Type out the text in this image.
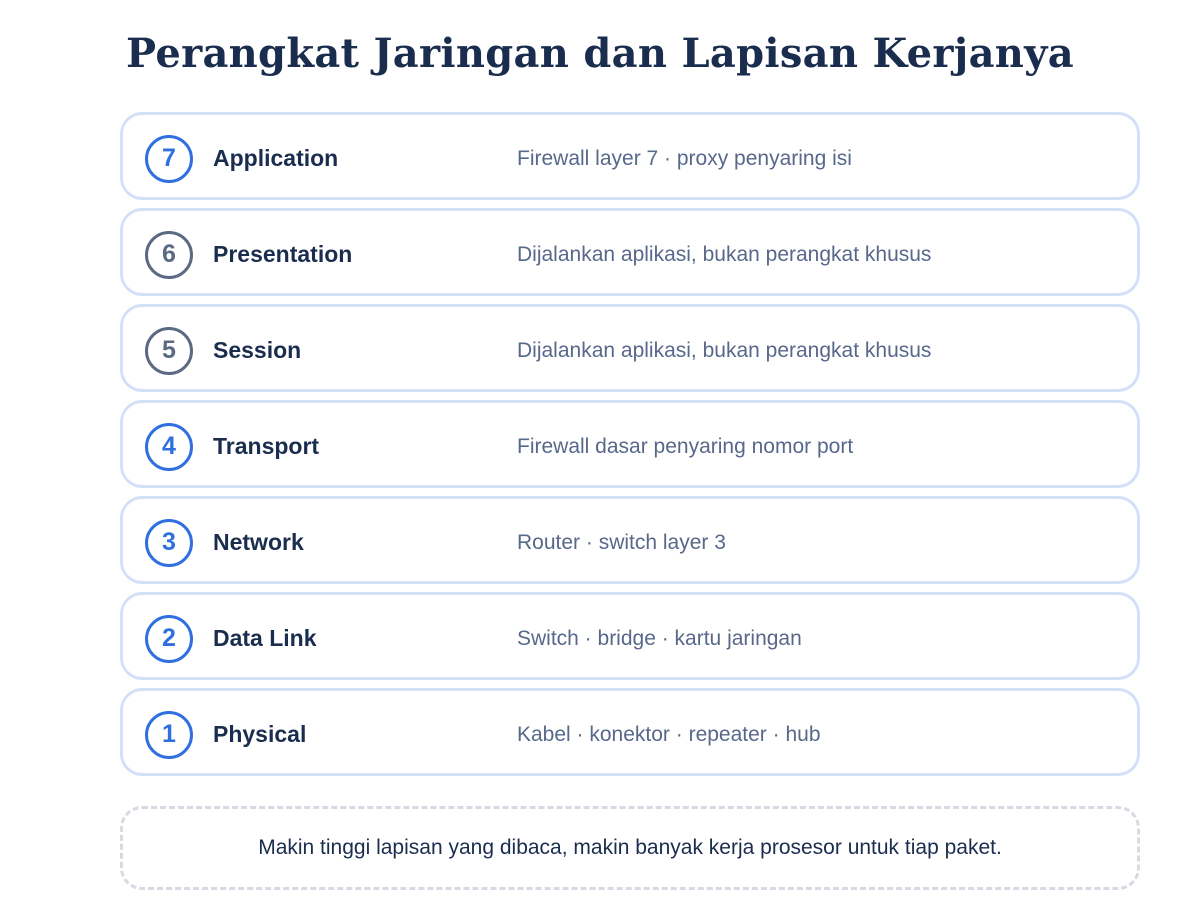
Perangkat Jaringan dan Lapisan Kerjanya
7	Application	Firewall layer 7 · proxy penyaring isi
6	Presentation	Dijalankan aplikasi, bukan perangkat khusus
5	Session	Dijalankan aplikasi, bukan perangkat khusus
4	Transport	Firewall dasar penyaring nomor port
3	Network	Router · switch layer 3
2	Data Link	Switch · bridge · kartu jaringan
1	Physical	Kabel · konektor · repeater · hub
Makin tinggi lapisan yang dibaca, makin banyak kerja prosesor untuk tiap paket.
